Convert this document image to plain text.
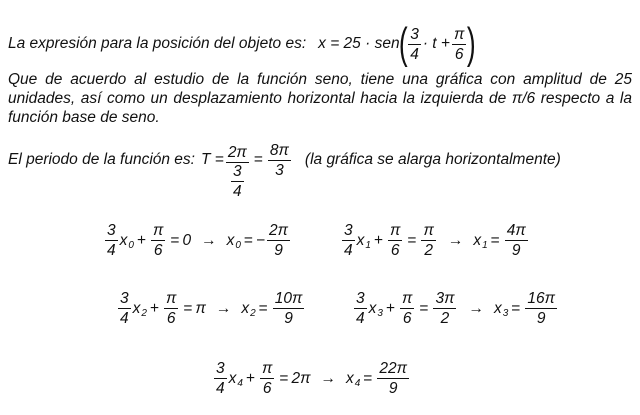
La expresión para la posición del objeto es: x = 25 · sen
( $\frac{3}{4} \cdot t + \frac{\pi}{6}$ )
Que de acuerdo al estudio de la función seno, tiene una gráfica con amplitud de 25 unidades, así como un desplazamiento horizontal hacia la izquierda de π/6 respecto a la función base de seno.
El periodo de la función es: $T = \frac{2\pi}{\frac{3}{4}} = \frac{8\pi}{3} (la$ gráfica se alarga horizontalmente)
$\frac{3}{4}$ x $0 + \frac{\pi}{6} = 0 \to x$ 0 = − $\frac{2\pi}{9}$	$\frac{3}{4}$ x $1 + \frac{\pi}{6} = \frac{\pi}{2} \to x$ $1 = \frac{4\pi}{9}$
$\frac{3}{4}$ x $2 + \frac{\pi}{6} = \pi \to x$ $2 = \frac{10\pi}{9}$	$\frac{3}{4}$ x $3 + \frac{\pi}{6} = \frac{3\pi}{2} \to x$ $3 = \frac{16\pi}{9}$
$\frac{3}{4}$ x $4 + \frac{\pi}{6} = 2\pi \to x$ $4 = \frac{22\pi}{9}$
